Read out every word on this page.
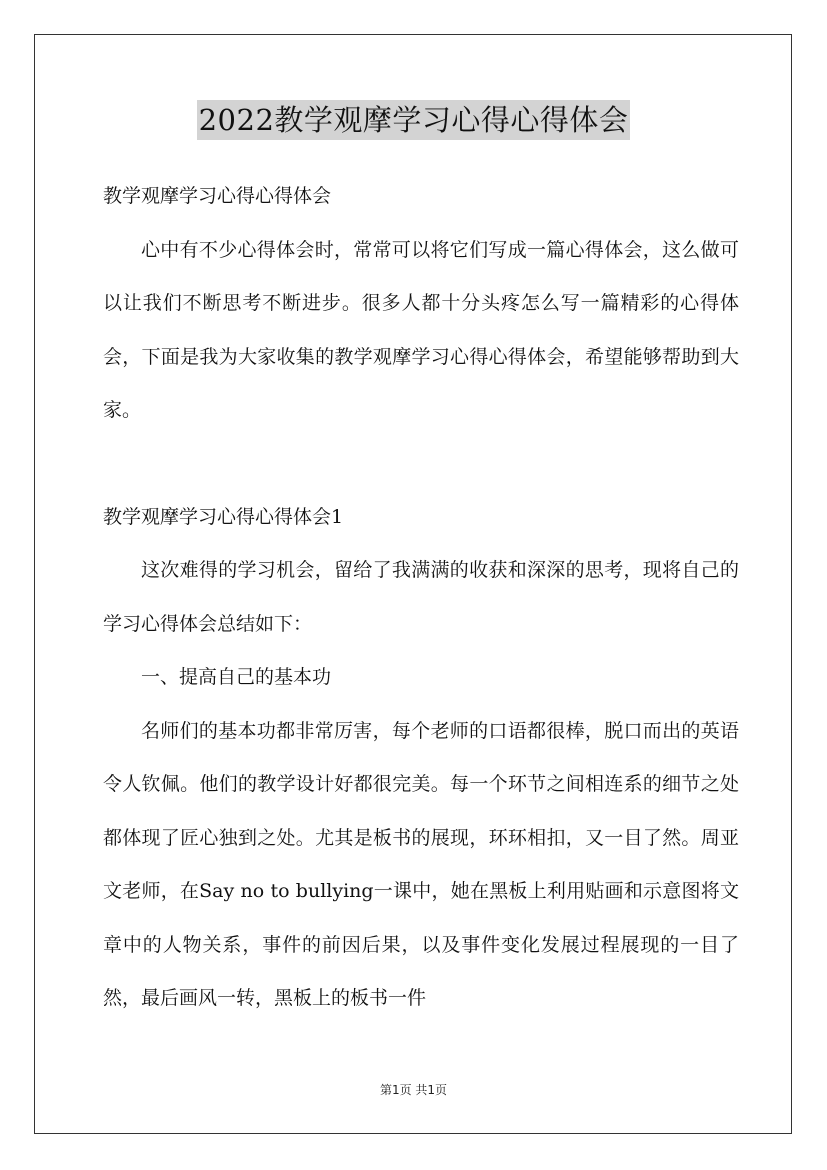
2022教学观摩学习心得心得体会

教学观摩学习心得心得体会

心中有不少心得体会时，常常可以将它们写成一篇心得体会，这么做可以让我们不断思考不断进步。很多人都十分头疼怎么写一篇精彩的心得体会，下面是我为大家收集的教学观摩学习心得心得体会，希望能够帮助到大家。

教学观摩学习心得心得体会1

这次难得的学习机会，留给了我满满的收获和深深的思考，现将自己的学习心得体会总结如下：

一、提高自己的基本功

名师们的基本功都非常厉害，每个老师的口语都很棒，脱口而出的英语令人钦佩。他们的教学设计好都很完美。每一个环节之间相连系的细节之处都体现了匠心独到之处。尤其是板书的展现，环环相扣，又一目了然。周亚文老师，在Say no to bullying一课中，她在黑板上利用贴画和示意图将文章中的人物关系，事件的前因后果，以及事件变化发展过程展现的一目了然，最后画风一转，黑板上的板书一件

第1页 共1页
